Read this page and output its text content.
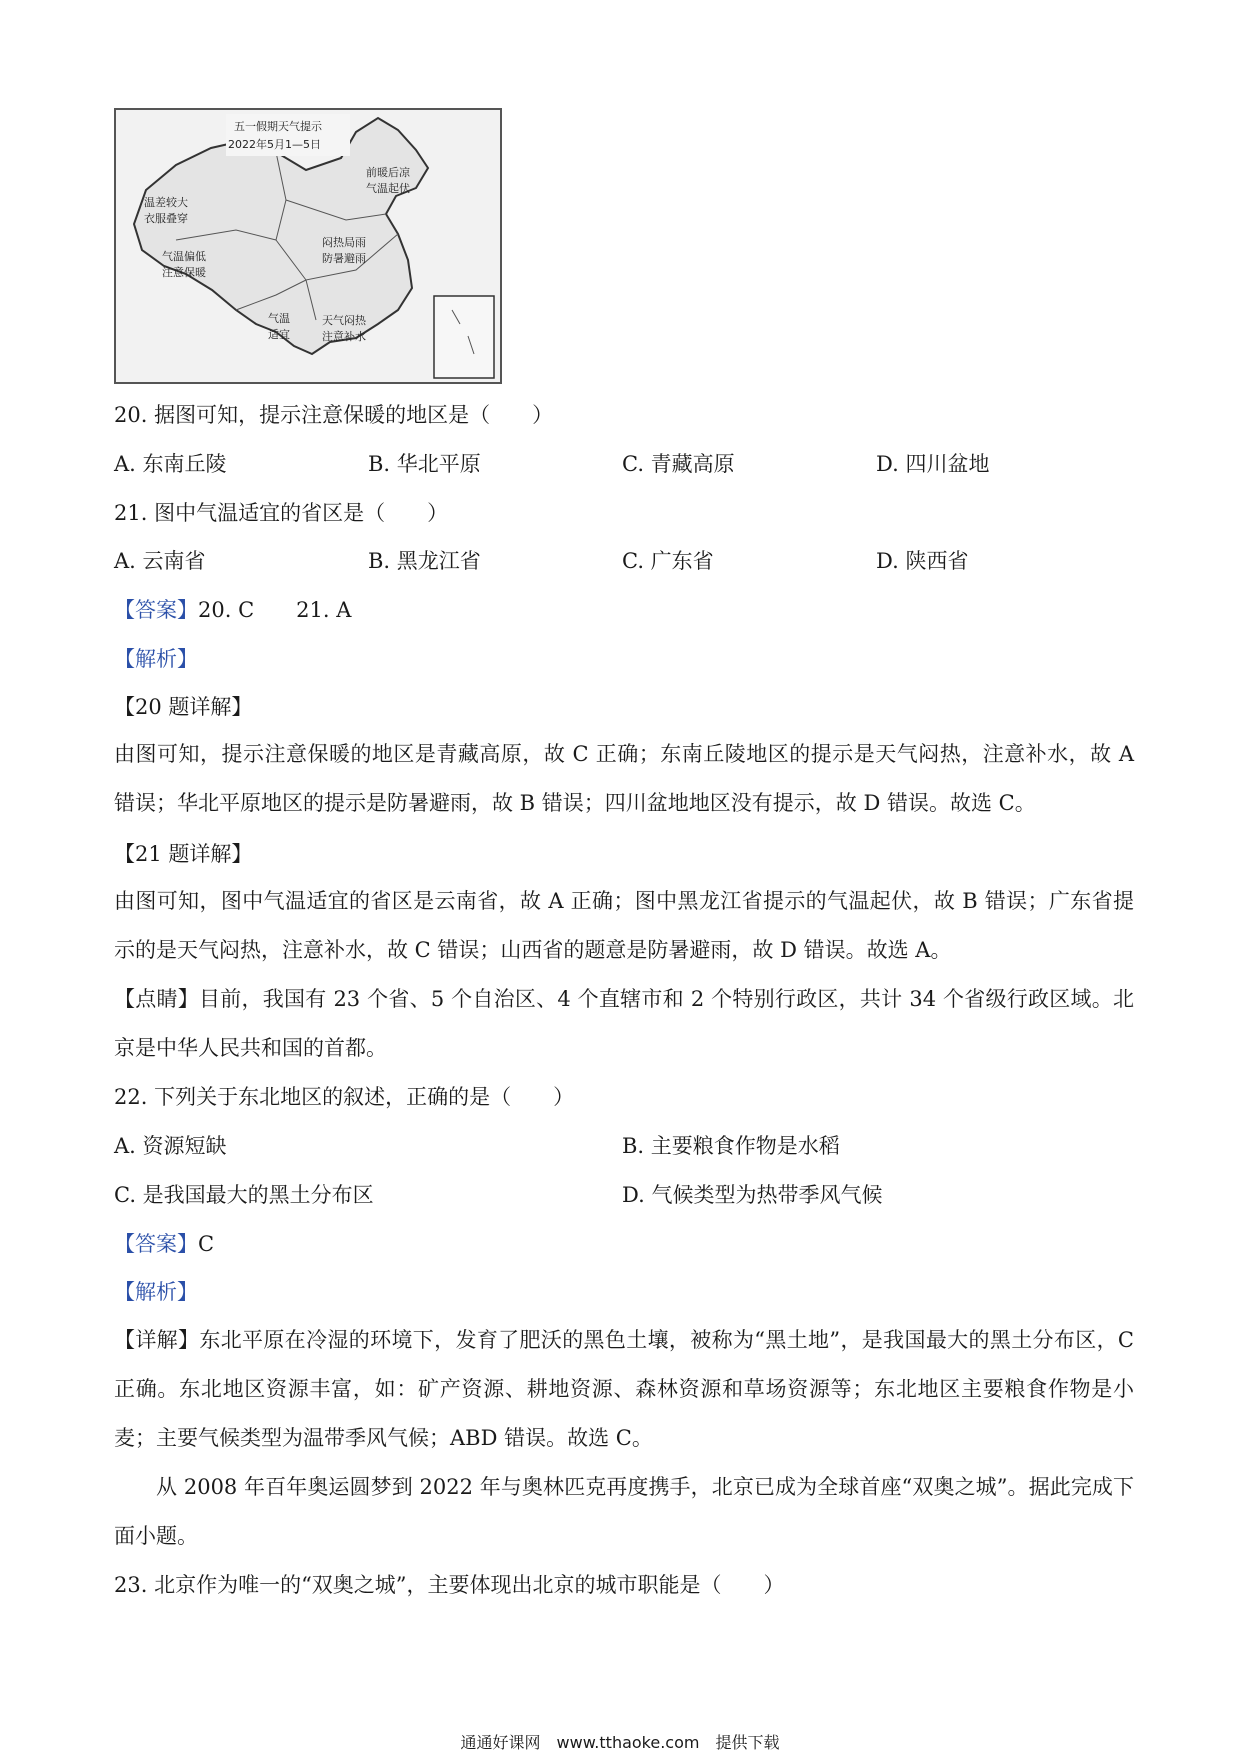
五一假期天气提示
2022年5月1—5日
前暖后凉
气温起伏
温差较大
衣服叠穿
气温偏低
注意保暖
闷热局雨
防暑避雨
气温
适宜
天气闷热
注意补水
20. 据图可知，提示注意保暖的地区是（　　）
A. 东南丘陵	B. 华北平原	C. 青藏高原	D. 四川盆地
21. 图中气温适宜的省区是（　　）
A. 云南省	B. 黑龙江省	C. 广东省	D. 陕西省
【答案】20. C　　21. A
【解析】
【20 题详解】
由图可知，提示注意保暖的地区是青藏高原，故 C 正确；东南丘陵地区的提示是天气闷热，注意补水，故 A 错误；华北平原地区的提示是防暑避雨，故 B 错误；四川盆地地区没有提示，故 D 错误。故选 C。
【21 题详解】
由图可知，图中气温适宜的省区是云南省，故 A 正确；图中黑龙江省提示的气温起伏，故 B 错误；广东省提示的是天气闷热，注意补水，故 C 错误；山西省的题意是防暑避雨，故 D 错误。故选 A。
【点睛】目前，我国有 23 个省、5 个自治区、4 个直辖市和 2 个特别行政区，共计 34 个省级行政区域。北京是中华人民共和国的首都。
22. 下列关于东北地区的叙述，正确的是（　　）
A. 资源短缺	B. 主要粮食作物是水稻
C. 是我国最大的黑土分布区	D. 气候类型为热带季风气候
【答案】C
【解析】
【详解】东北平原在冷湿的环境下，发育了肥沃的黑色土壤，被称为“黑土地”，是我国最大的黑土分布区，C 正确。东北地区资源丰富，如：矿产资源、耕地资源、森林资源和草场资源等；东北地区主要粮食作物是小麦；主要气候类型为温带季风气候；ABD 错误。故选 C。
从 2008 年百年奥运圆梦到 2022 年与奥林匹克再度携手，北京已成为全球首座“双奥之城”。据此完成下面小题。
23. 北京作为唯一的“双奥之城”，主要体现出北京的城市职能是（　　）
通通好课网　www.tthaoke.com　提供下载
